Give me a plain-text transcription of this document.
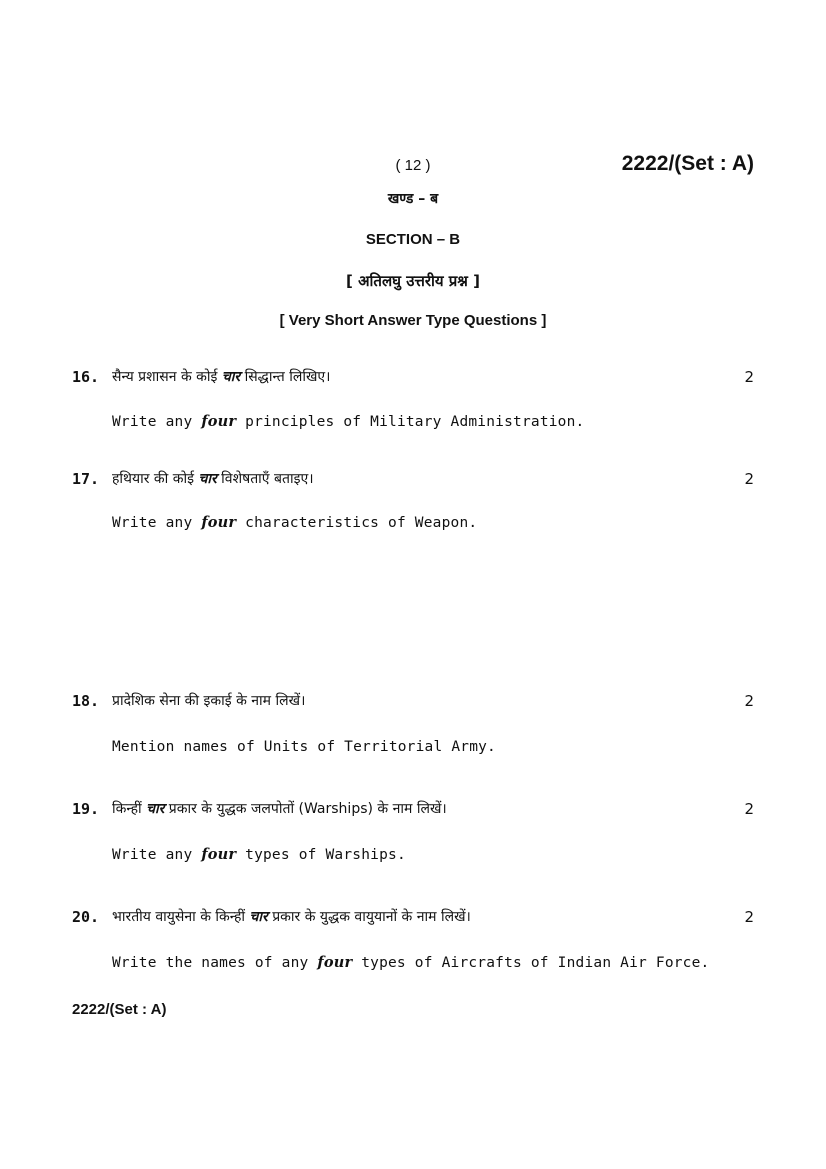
( 12 )	2222/(Set : A)
खण्ड – ब
SECTION – B
[ अतिलघु उत्तरीय प्रश्न ]
[ Very Short Answer Type Questions ]
16. सैन्य प्रशासन के कोई चार सिद्धान्त लिखिए।	2
Write any four principles of Military Administration.
17. हथियार की कोई चार विशेषताएँ बताइए।	2
Write any four characteristics of Weapon.
18. प्रादेशिक सेना की इकाई के नाम लिखें।	2
Mention names of Units of Territorial Army.
19. किन्हीं चार प्रकार के युद्धक जलपोतों (Warships) के नाम लिखें।	2
Write any four types of Warships.
20. भारतीय वायुसेना के किन्हीं चार प्रकार के युद्धक वायुयानों के नाम लिखें।	2
Write the names of any four types of Aircrafts of Indian Air Force.
2222/(Set : A)
